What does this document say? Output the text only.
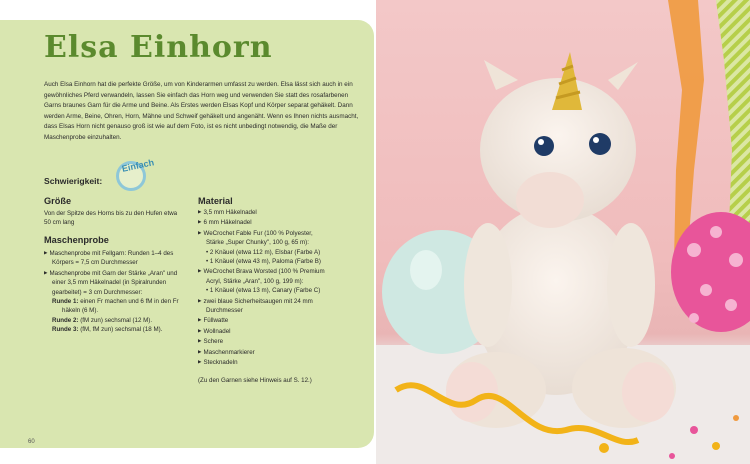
Elsa Einhorn
Auch Elsa Einhorn hat die perfekte Größe, um von Kinderarmen umfasst zu werden. Elsa lässt sich auch in ein gewöhnliches Pferd verwandeln, lassen Sie einfach das Horn weg und verwenden Sie statt des rosafarbenen Garns braunes Garn für die Arme und Beine. Als Erstes werden Elsas Kopf und Körper separat gehäkelt. Dann werden Arme, Beine, Ohren, Horn, Mähne und Schweif gehäkelt und angenäht. Wenn es Ihnen nichts ausmacht, dass Elsas Horn nicht genauso groß ist wie auf dem Foto, ist es nicht unbedingt notwendig, die Maße der Maschenprobe einzuhalten.
Schwierigkeit:
Einfach
Größe
Von der Spitze des Horns bis zu den Hufen etwa
50 cm lang
Maschenprobe
▶ Maschenprobe mit Fellgarn: Runden 1–4 des
Körpers = 7,5 cm Durchmesser
▶ Maschenprobe mit Garn der Stärke „Aran" und
einer 3,5 mm Häkelnadel (in Spiralrunden
gearbeitet) = 3 cm Durchmesser:
Runde 1: einen Fr machen und 6 fM in den Fr
häkeln (6 M).
Runde 2: (fM zun) sechsmal (12 M).
Runde 3: (fM, fM zun) sechsmal (18 M).
Material
▶ 3,5 mm Häkelnadel
▶ 6 mm Häkelnadel
▶ WeCrochet Fable Fur (100 % Polyester,
Stärke „Super Chunky", 100 g, 65 m):
• 2 Knäuel (etwa 112 m), Elsbar (Farbe A)
• 1 Knäuel (etwa 43 m), Paloma (Farbe B)
▶ WeCrochet Brava Worsted (100 % Premium
Acryl, Stärke „Aran", 100 g, 199 m):
• 1 Knäuel (etwa 13 m), Canary (Farbe C)
▶ zwei blaue Sicherheitsaugen mit 24 mm
Durchmesser
▶ Füllwatte
▶ Wollnadel
▶ Schere
▶ Maschenmarkierer
▶ Stecknadeln
(Zu den Garnen siehe Hinweis auf S. 12.)
60
